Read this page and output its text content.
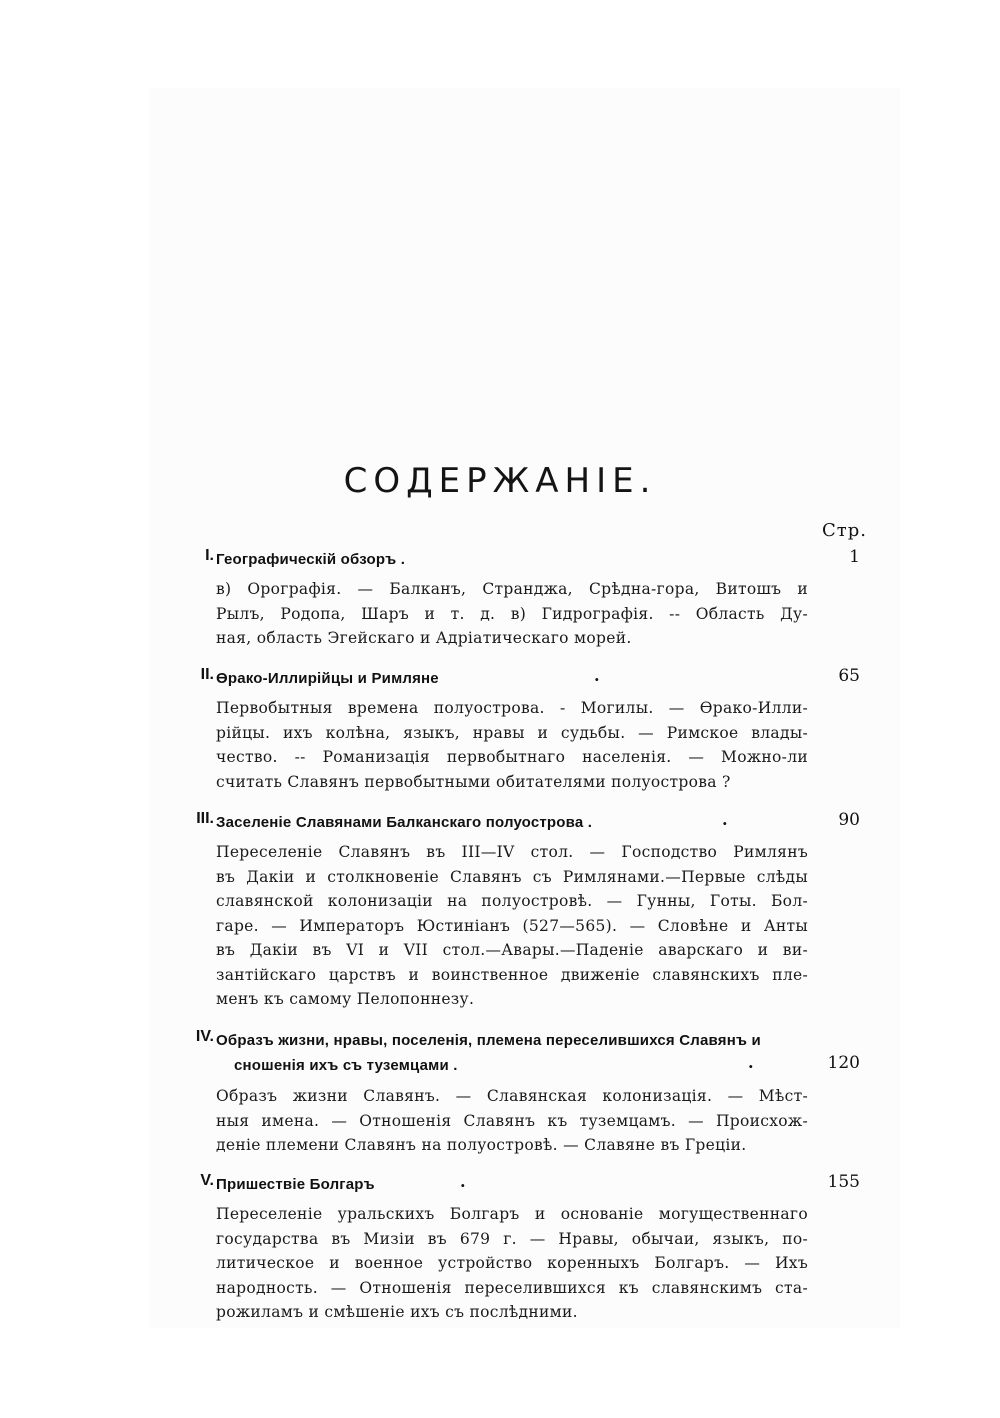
СОДЕРЖАНІЕ.
Стр.
I. Географическій обзоръ .	1
в) Орографія. — Балканъ, Странджа, Срѣдна-гора, Витошъ и
Рылъ, Родопа, Шаръ и т. д. в) Гидрографія. -- Область Ду-
ная, область Эгейскаго и Адріатическаго морей.
II. Өрако-Иллирійцы и Римляне	.	65
Первобытныя времена полуострова. - Могилы. — Өрако-Илли-
рійцы. ихъ колѣна, языкъ, нравы и судьбы. — Римское влады-
чество. -- Романизація первобытнаго населенія. — Можно-ли
считать Славянъ первобытными обитателями полуострова ?
III. Заселеніе Славянами Балканскаго полуострова .	.	90
Переселеніе Славянъ въ III—IV стол. — Господство Римлянъ
въ Дакіи и столкновеніе Славянъ съ Римлянами.—Первые слѣды
славянской колонизаціи на полуостровѣ. — Гунны, Готы. Бол-
гаре. — Императоръ Юстиніанъ (527—565). — Словѣне и Анты
въ Дакіи въ VI и VII стол.—Авары.—Паденіе аварскаго и ви-
зантійскаго царствъ и воинственное движеніе славянскихъ пле-
менъ къ самому Пелопоннезу.
IV. Образъ жизни, нравы, поселенія, племена переселившихся Славянъ и
сношенія ихъ съ туземцами .	.	120
Образъ жизни Славянъ. — Славянская колонизація. — Мѣст-
ныя имена. — Отношенія Славянъ къ туземцамъ. — Происхож-
деніе племени Славянъ на полуостровѣ. — Славяне въ Греціи.
V. Пришествіе Болгаръ	.	155
Переселеніе уральскихъ Болгаръ и основаніе могущественнаго
государства въ Мизіи въ 679 г. — Нравы, обычаи, языкъ, по-
литическое и военное устройство коренныхъ Болгаръ. — Ихъ
народность. — Отношенія переселившихся къ славянскимъ ста-
рожиламъ и смѣшеніе ихъ съ послѣдними.
